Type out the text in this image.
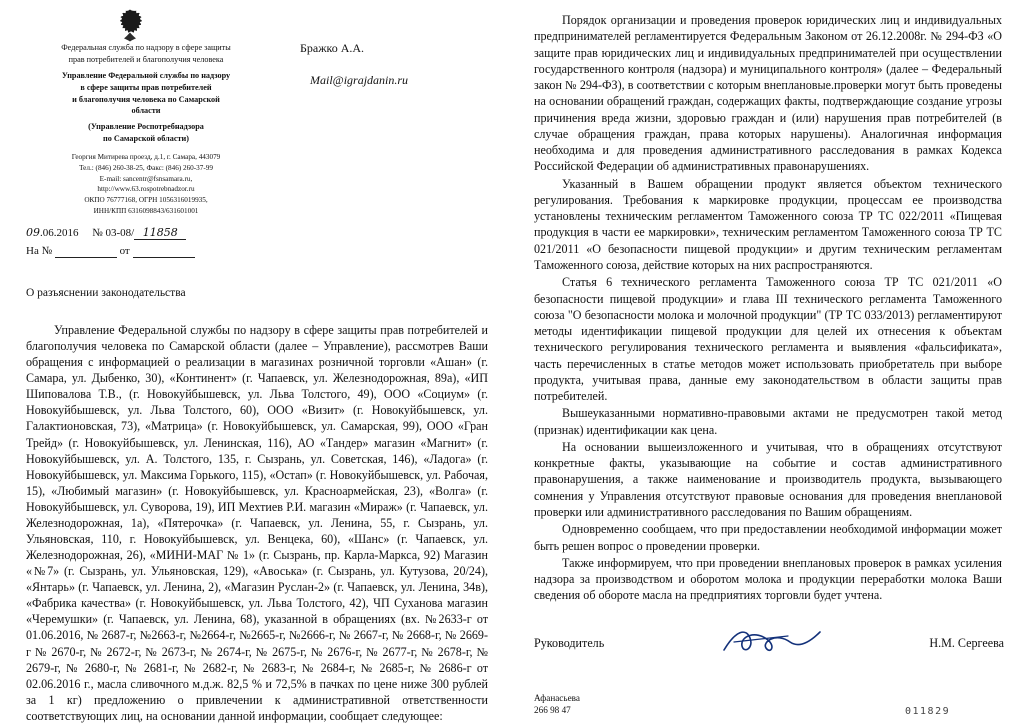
Федеральная служба по надзору в сфере защиты
прав потребителей и благополучия человека
Управление Федеральной службы по надзору
в сфере защиты прав потребителей
и благополучия человека по Самарской
области
(Управление Роспотребнадзора
по Самарской области)
Георгия Митирева проезд, д.1, г. Самара, 443079
Тел.: (846) 260-38-25, Факс: (846) 260-37-99
E-mail: sancentr@fsnsamara.ru,
http://www.63.rospotrebnadzor.ru
ОКПО 76777168, ОГРН 1056316019935,
ИНН/КПП 6316098843/631601001
09.06.2016 № 03-08/ 11858
На №	от
О разъяснении законодательства
Бражко А.А.
Mail@igrajdanin.ru
Управление Федеральной службы по надзору в сфере защиты прав потребителей и благополучия человека по Самарской области (далее – Управление), рассмотрев Ваши обращения с информацией о реализации в магазинах розничной торговли «Ашан» (г. Самара, ул. Дыбенко, 30), «Континент» (г. Чапаевск, ул. Железнодорожная, 89а), «ИП Шиповалова Т.В., (г. Новокуйбышевск, ул. Льва Толстого, 49), ООО «Социум» (г. Новокуйбышевск, ул. Льва Толстого, 60), ООО «Визит» (г. Новокуйбышевск, ул. Галактионовская, 73), «Матрица» (г. Новокуйбышевск, ул. Самарская, 99), ООО «Гран Трейд» (г. Новокуйбышевск, ул. Ленинская, 116), АО «Тандер» магазин «Магнит» (г. Новокуйбышевск, ул. А. Толстого, 135, г. Сызрань, ул. Советская, 146), «Ладога» (г. Новокуйбышевск, ул. Максима Горького, 115), «Остап» (г. Новокуйбышевск, ул. Рабочая, 15), «Любимый магазин» (г. Новокуйбышевск, ул. Красноармейская, 23), «Волга» (г. Новокуйбышевск, ул. Суворова, 19), ИП Мехтиев Р.И. магазин «Мираж» (г. Чапаевск, ул. Железнодорожная, 1а), «Пятерочка» (г. Чапаевск, ул. Ленина, 55, г. Сызрань, ул. Ульяновская, 110, г. Новокуйбышевск, ул. Венцека, 60), «Шанс» (г. Чапаевск, ул. Железнодорожная, 26), «МИНИ-МАГ № 1» (г. Сызрань, пр. Карла-Маркса, 92) Магазин «№7» (г. Сызрань, ул. Ульяновская, 129), «Авоська» (г. Сызрань, ул. Кутузова, 20/24), «Янтарь» (г. Чапаевск, ул. Ленина, 2), «Магазин Руслан-2» (г. Чапаевск, ул. Ленина, 34в), «Фабрика качества» (г. Новокуйбышевск, ул. Льва Толстого, 42), ЧП Суханова магазин «Черемушки» (г. Чапаевск, ул. Ленина, 68), указанной в обращениях (вх. №2633-г от 01.06.2016, № 2687-г, №2663-г, №2664-г, №2665-г, №2666-г, № 2667-г, № 2668-г, № 2669-г № 2670-г, № 2672-г, № 2673-г, № 2674-г, № 2675-г, № 2676-г, № 2677-г, № 2678-г, № 2679-г, № 2680-г, № 2681-г, № 2682-г, № 2683-г, № 2684-г, № 2685-г, № 2686-г от 02.06.2016 г., масла сливочного м.д.ж. 82,5 % и 72,5% в пачках по цене ниже 300 рублей за 1 кг) предложению о привлечении к административной ответственности соответствующих лиц, на основании данной информации, сообщает следующее:

Порядок организации и проведения проверок юридических лиц и индивидуальных предпринимателей регламентируется Федеральным Законом от 26.12.2008г. № 294-ФЗ «О защите прав юридических лиц и индивидуальных предпринимателей при осуществлении государственного контроля (надзора) и муниципального контроля» (далее – Федеральный закон № 294-ФЗ), в соответствии с которым внеплановые.проверки могут быть проведены на основании обращений граждан, содержащих факты, подтверждающие создание угрозы причинения вреда жизни, здоровью граждан и (или) нарушения прав потребителей (в случае обращения граждан, права которых нарушены). Аналогичная информация необходима и для проведения административного расследования в рамках Кодекса Российской Федерации об административных правонарушениях.

Указанный в Вашем обращении продукт является объектом технического регулирования. Требования к маркировке продукции, процессам ее производства установлены техническим регламентом Таможенного союза ТР ТС 022/2011 «Пищевая продукция в части ее маркировки», техническим регламентом Таможенного союза ТР ТС 021/2011 «О безопасности пищевой продукции» и другим техническим регламентам Таможенного союза, действие которых на них распространяются.

Статья 6 технического регламента Таможенного союза ТР ТС 021/2011 «О безопасности пищевой продукции» и глава III технического регламента Таможенного союза "О безопасности молока и молочной продукции" (ТР ТС 033/2013) регламентируют методы идентификации пищевой продукции для целей их отнесения к объектам технического регулирования технического регламента и выявления «фальсификата», часть перечисленных в статье методов может использовать приобретатель при выборе продукта, учитывая права, данные ему законодательством в области защиты прав потребителей.

Вышеуказанными нормативно-правовыми актами не предусмотрен такой метод (признак) идентификации как цена.

На основании вышеизложенного и учитывая, что в обращениях отсутствуют конкретные факты, указывающие на событие и состав административного правонарушения, а также наименование и производитель продукта, вызывающего сомнения у Управления отсутствуют правовые основания для проведения внеплановой проверки или административного расследования по Вашим обращениям.

Одновременно сообщаем, что при предоставлении необходимой информации может быть решен вопрос о проведении проверки.

Также информируем, что при проведении внеплановых проверок в рамках усиления надзора за производством и оборотом молока и продукции переработки молока Ваши сведения об обороте масла на предприятиях торговли будет учтена.

Руководитель	Н.М. Сергеева
Афанасьева
266 98 47	011829
